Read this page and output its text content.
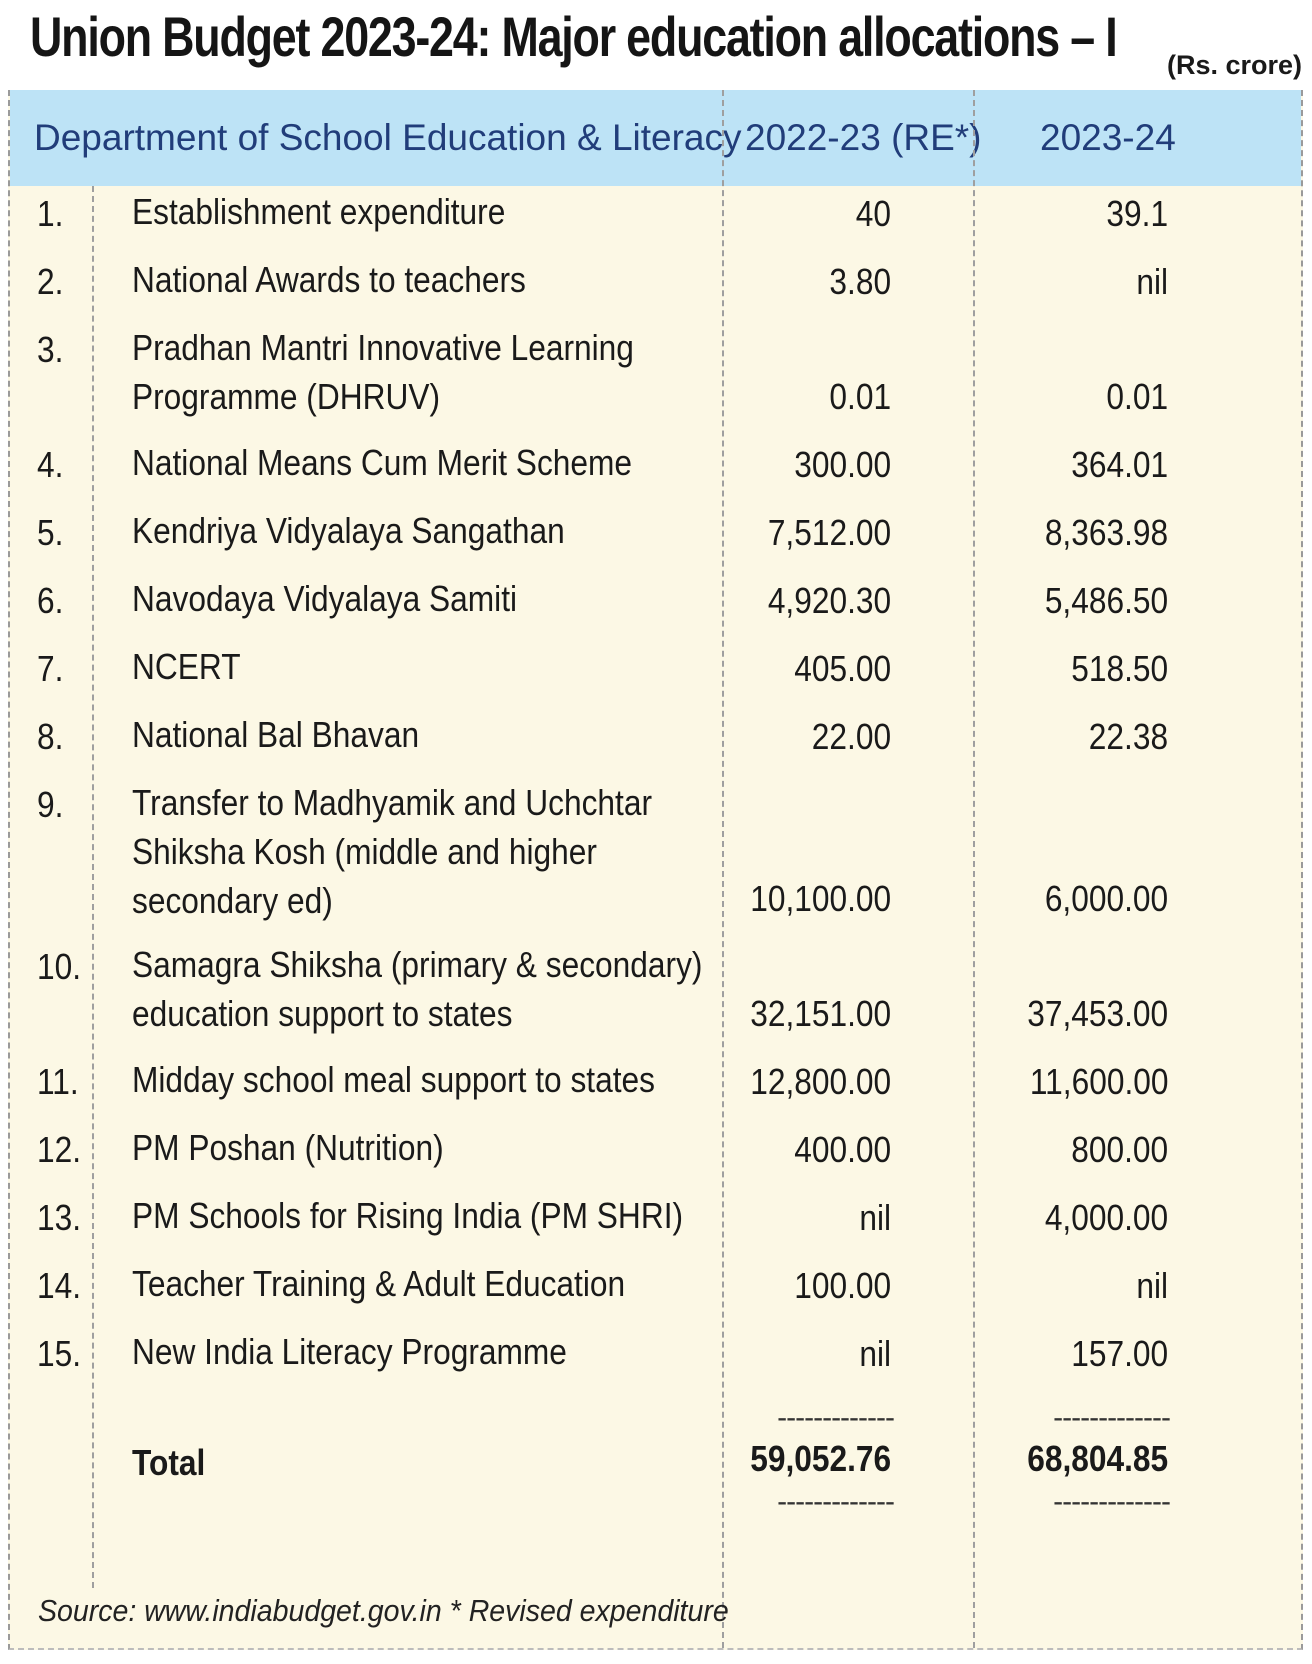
Union Budget 2023-24: Major education allocations – I (Rs. crore)
Department of School Education & Literacy 2022-23 (RE*) 2023-24
1. Establishment expenditure	40	39.1
2. National Awards to teachers	3.80	nil
3. Pradhan Mantri Innovative Learning
Programme (DHRUV)	0.01	0.01
4. National Means Cum Merit Scheme	300.00	364.01
5. Kendriya Vidyalaya Sangathan	7,512.00	8,363.98
6. Navodaya Vidyalaya Samiti	4,920.30	5,486.50
7. NCERT	405.00	518.50
8. National Bal Bhavan	22.00	22.38
9. Transfer to Madhyamik and Uchchtar
Shiksha Kosh (middle and higher
secondary ed)	10,100.00	6,000.00
10. Samagra Shiksha (primary & secondary)
education support to states	32,151.00	37,453.00
11. Midday school meal support to states	12,800.00	11,600.00
12. PM Poshan (Nutrition)	400.00	800.00
13. PM Schools for Rising India (PM SHRI)	nil	4,000.00
14. Teacher Training & Adult Education	100.00	nil
15. New India Literacy Programme	nil	157.00
-------------	-------------
Total	59,052.76	68,804.85
-------------	-------------
Source: www.indiabudget.gov.in * Revised expenditure
